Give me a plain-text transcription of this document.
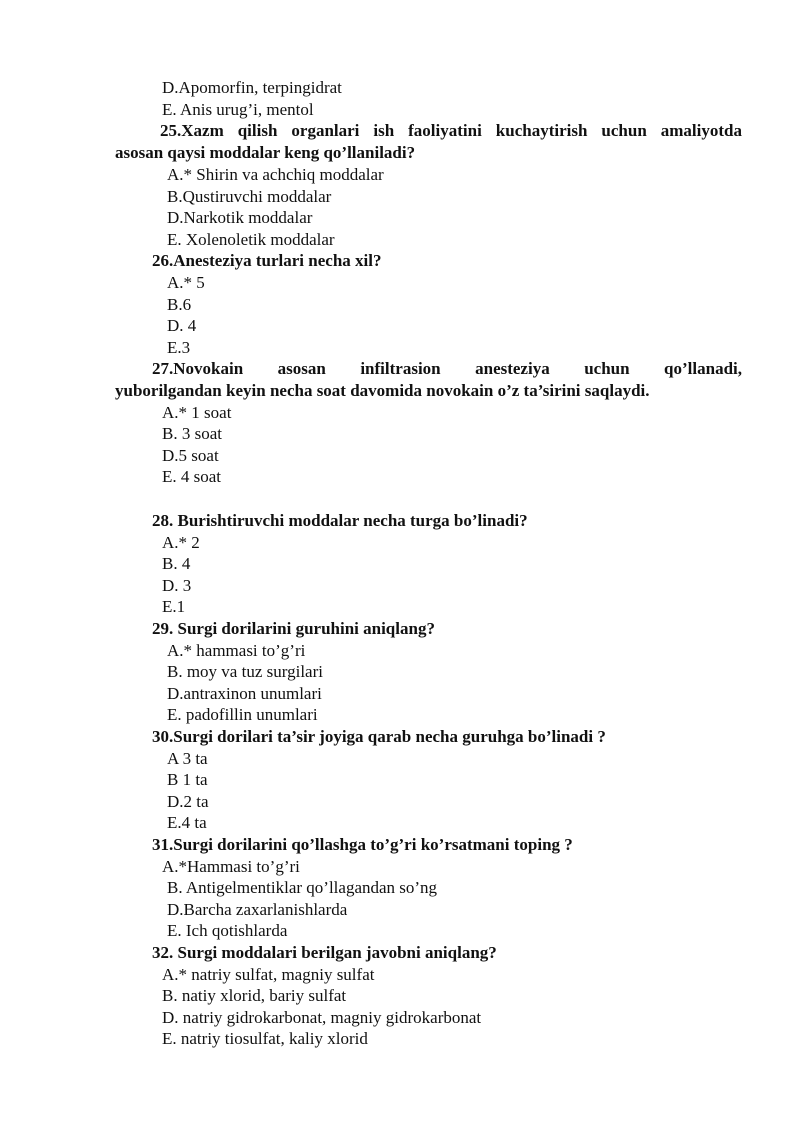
D.Apomorfin, terpingidrat
E. Anis urug’i, mentol
25.Xazm qilish organlari ish faoliyatini kuchaytirish uchun amaliyotda
asosan qaysi moddalar keng qo’llaniladi?
A.* Shirin va achchiq moddalar
B.Qustiruvchi moddalar
D.Narkotik moddalar
E. Xolenoletik moddalar
26.Anesteziya turlari necha xil?
A.* 5
B.6
D. 4
E.3
27.Novokain asosan infiltrasion anesteziya uchun qo’llanadi,
yuborilgandan keyin necha soat davomida novokain o’z ta’sirini saqlaydi.
A.* 1 soat
B. 3 soat
D.5 soat
E. 4 soat
28. Burishtiruvchi moddalar necha turga bo’linadi?
A.* 2
B. 4
D. 3
E.1
29. Surgi dorilarini guruhini aniqlang?
A.* hammasi to’g’ri
B. moy va tuz surgilari
D.antraxinon unumlari
E. padofillin unumlari
30.Surgi dorilari ta’sir joyiga qarab necha guruhga bo’linadi ?
A 3 ta
B 1 ta
D.2 ta
E.4 ta
31.Surgi dorilarini qo’llashga to’g’ri ko’rsatmani toping ?
A.*Hammasi to’g’ri
B. Antigelmentiklar qo’llagandan so’ng
D.Barcha zaxarlanishlarda
E. Ich qotishlarda
32. Surgi moddalari berilgan javobni aniqlang?
A.* natriy sulfat, magniy sulfat
B. natiy xlorid, bariy sulfat
D. natriy gidrokarbonat, magniy gidrokarbonat
E. natriy tiosulfat, kaliy xlorid
